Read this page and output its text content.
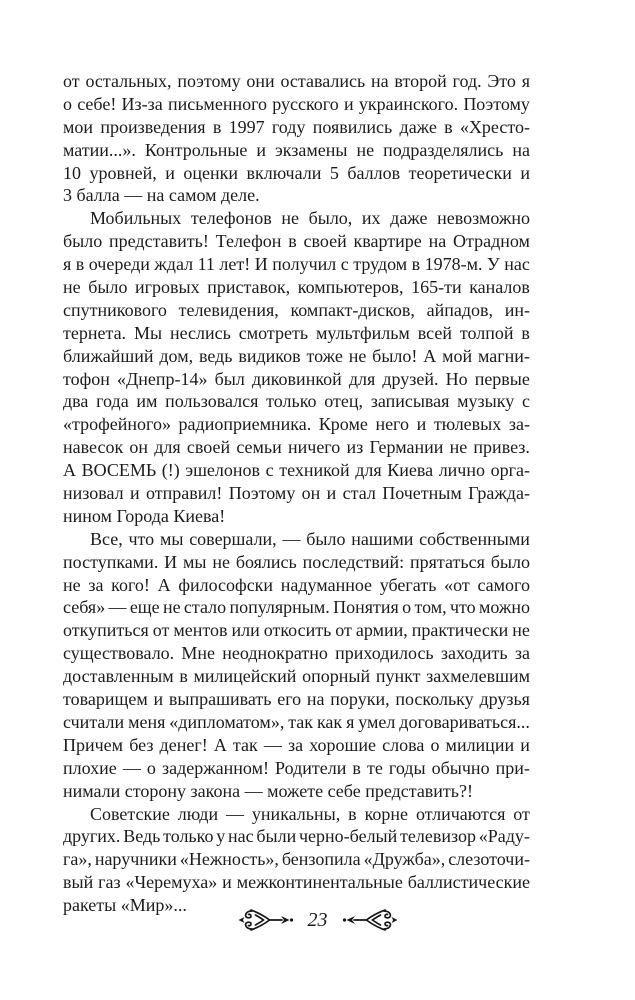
от остальных, поэтому они оставались на второй год. Это я
о себе! Из-за письменного русского и украинского. Поэтому
мои произведения в 1997 году появились даже в «Хресто-
матии...». Контрольные и экзамены не подразделялись на
10 уровней, и оценки включали 5 баллов теоретически и
3 балла — на самом деле.
Мобильных телефонов не было, их даже невозможно
было представить! Телефон в своей квартире на Отрадном
я в очереди ждал 11 лет! И получил с трудом в 1978-м. У нас
не было игровых приставок, компьютеров, 165-ти каналов
спутникового телевидения, компакт-дисков, айпадов, ин-
тернета. Мы неслись смотреть мультфильм всей толпой в
ближайший дом, ведь видиков тоже не было! А мой магни-
тофон «Днепр-14» был диковинкой для друзей. Но первые
два года им пользовался только отец, записывая музыку с
«трофейного» радиоприемника. Кроме него и тюлевых за-
навесок он для своей семьи ничего из Германии не привез.
А ВОСЕМЬ (!) эшелонов с техникой для Киева лично орга-
низовал и отправил! Поэтому он и стал Почетным Гражда-
нином Города Киева!
Все, что мы совершали, — было нашими собственными
поступками. И мы не боялись последствий: прятаться было
не за кого! А философски надуманное убегать «от самого
себя» — еще не стало популярным. Понятия о том, что можно
откупиться от ментов или откосить от армии, практически не
существовало. Мне неоднократно приходилось заходить за
доставленным в милицейский опорный пункт захмелевшим
товарищем и выпрашивать его на поруки, поскольку друзья
считали меня «дипломатом», так как я умел договариваться...
Причем без денег! А так — за хорошие слова о милиции и
плохие — о задержанном! Родители в те годы обычно при-
нимали сторону закона — можете себе представить?!
Советские люди — уникальны, в корне отличаются от
других. Ведь только у нас были черно-белый телевизор «Раду-
га», наручники «Нежность», бензопила «Дружба», слезоточи-
вый газ «Черемуха» и межконтинентальные баллистические
ракеты «Мир»...
23
